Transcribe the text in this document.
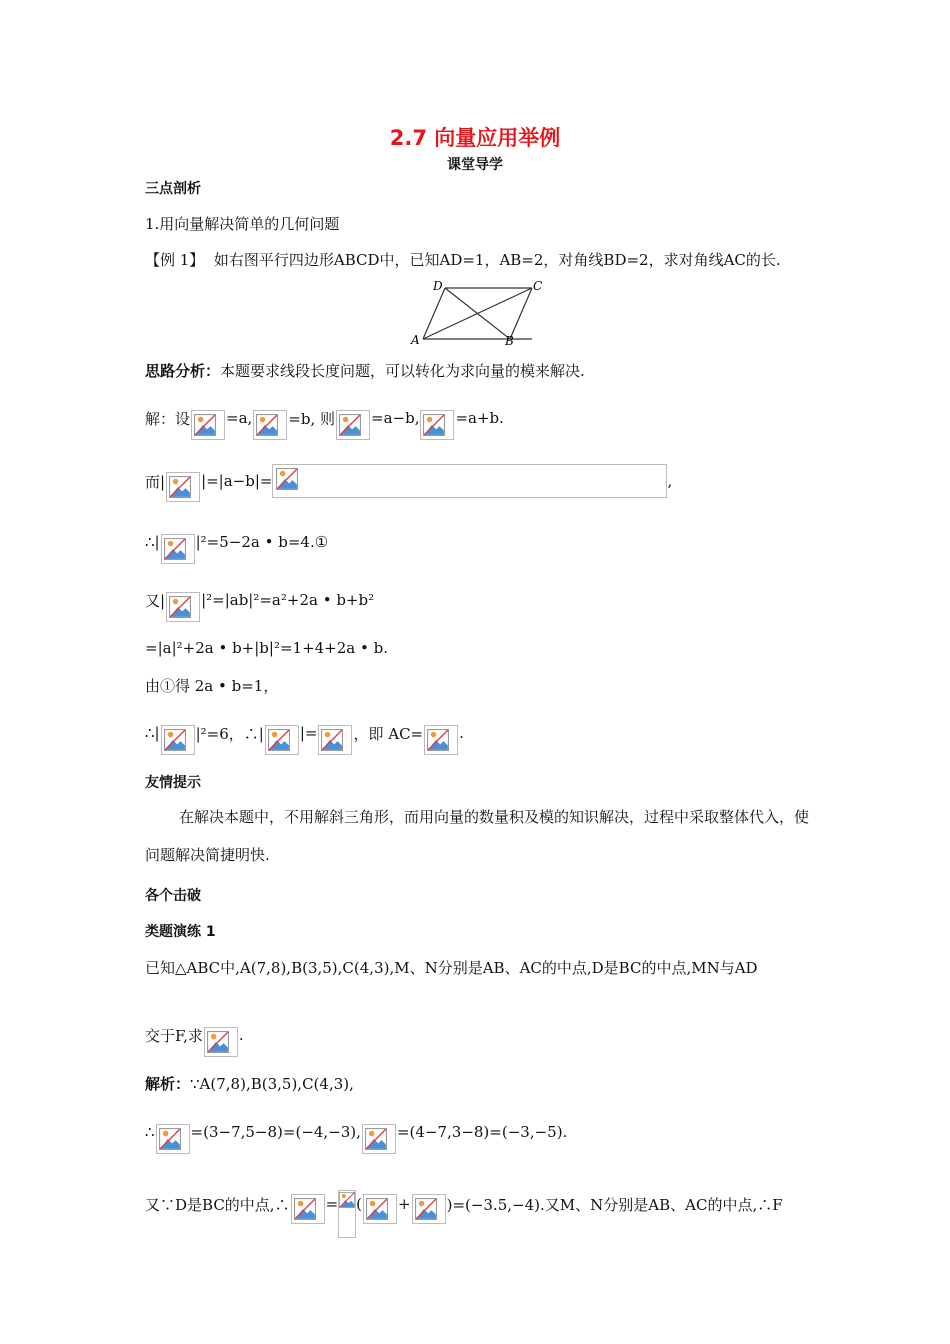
2.7 向量应用举例
课堂导学
三点剖析
1.用向量解决简单的几何问题
【例 1】 如右图平行四边形ABCD中，已知AD=1，AB=2，对角线BD=2，求对角线AC的长.
D	C
A	B
思路分析：本题要求线段长度问题，可以转化为求向量的模来解决.
解：设 =a, =b, 则 =a−b, =a+b.
而| |=|a−b|=	,
∴| |²=5−2a • b=4.①
又| |²=|ab|²=a²+2a • b+b²
=|a|²+2a • b+|b|²=1+4+2a • b.
由①得 2a • b=1，
∴| |²=6，∴| |= ，即 AC= .
友情提示
在解决本题中，不用解斜三角形，而用向量的数量积及模的知识解决，过程中采取整体代入，使问题解决简捷明快.
各个击破
类题演练 1
已知△ABC中,A(7,8),B(3,5),C(4,3),M、N分别是AB、AC的中点,D是BC的中点,MN与AD
交于F,求 .
解析：∵A(7,8),B(3,5),C(4,3),
∴ =(3−7,5−8)=(−4,−3), =(4−7,3−8)=(−3,−5).
又∵D是BC的中点,∴ = ( + )=(−3.5,−4).又M、N分别是AB、AC的中点,∴F
